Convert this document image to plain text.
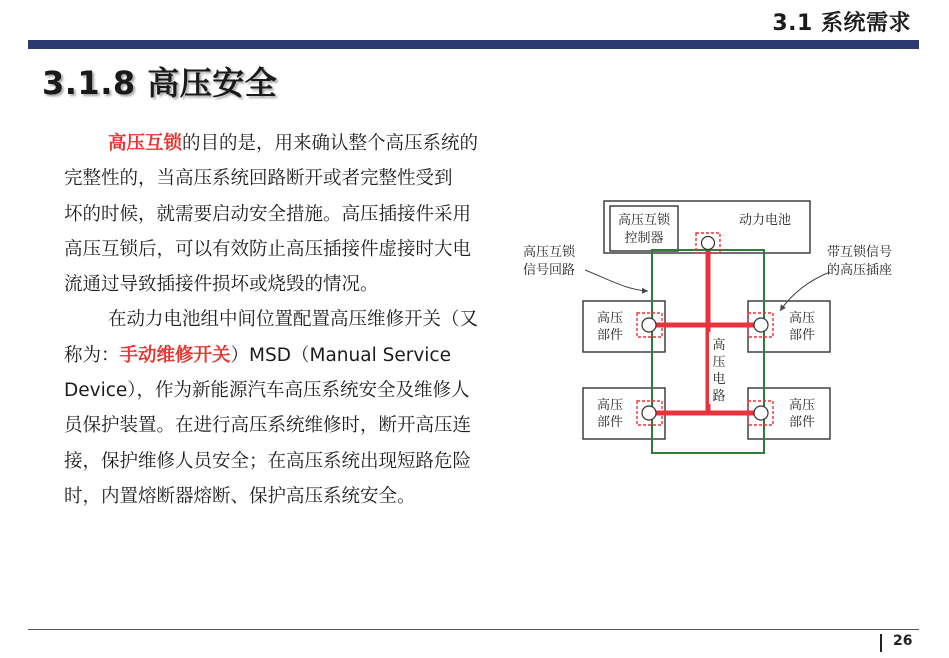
3.1 系统需求
3.1.8 高压安全

高压互锁的目的是，用来确认整个高压系统的

完整性的，当高压系统回路断开或者完整性受到

坏的时候，就需要启动安全措施。高压插接件采用

高压互锁后，可以有效防止高压插接件虚接时大电

流通过导致插接件损坏或烧毁的情况。

在动力电池组中间位置配置高压维修开关（又

称为：手动维修开关）MSD（Manual Service

Device），作为新能源汽车高压系统安全及维修人

员保护装置。在进行高压系统维修时，断开高压连

接，保护维修人员安全；在高压系统出现短路危险

时，内置熔断器熔断、保护高压系统安全。

高压互锁
控制器
动力电池
高压
部件
高压
部件
高压
部件
高压
部件
高
压
电
路
高压互锁
信号回路
带互锁信号
的高压插座
26
